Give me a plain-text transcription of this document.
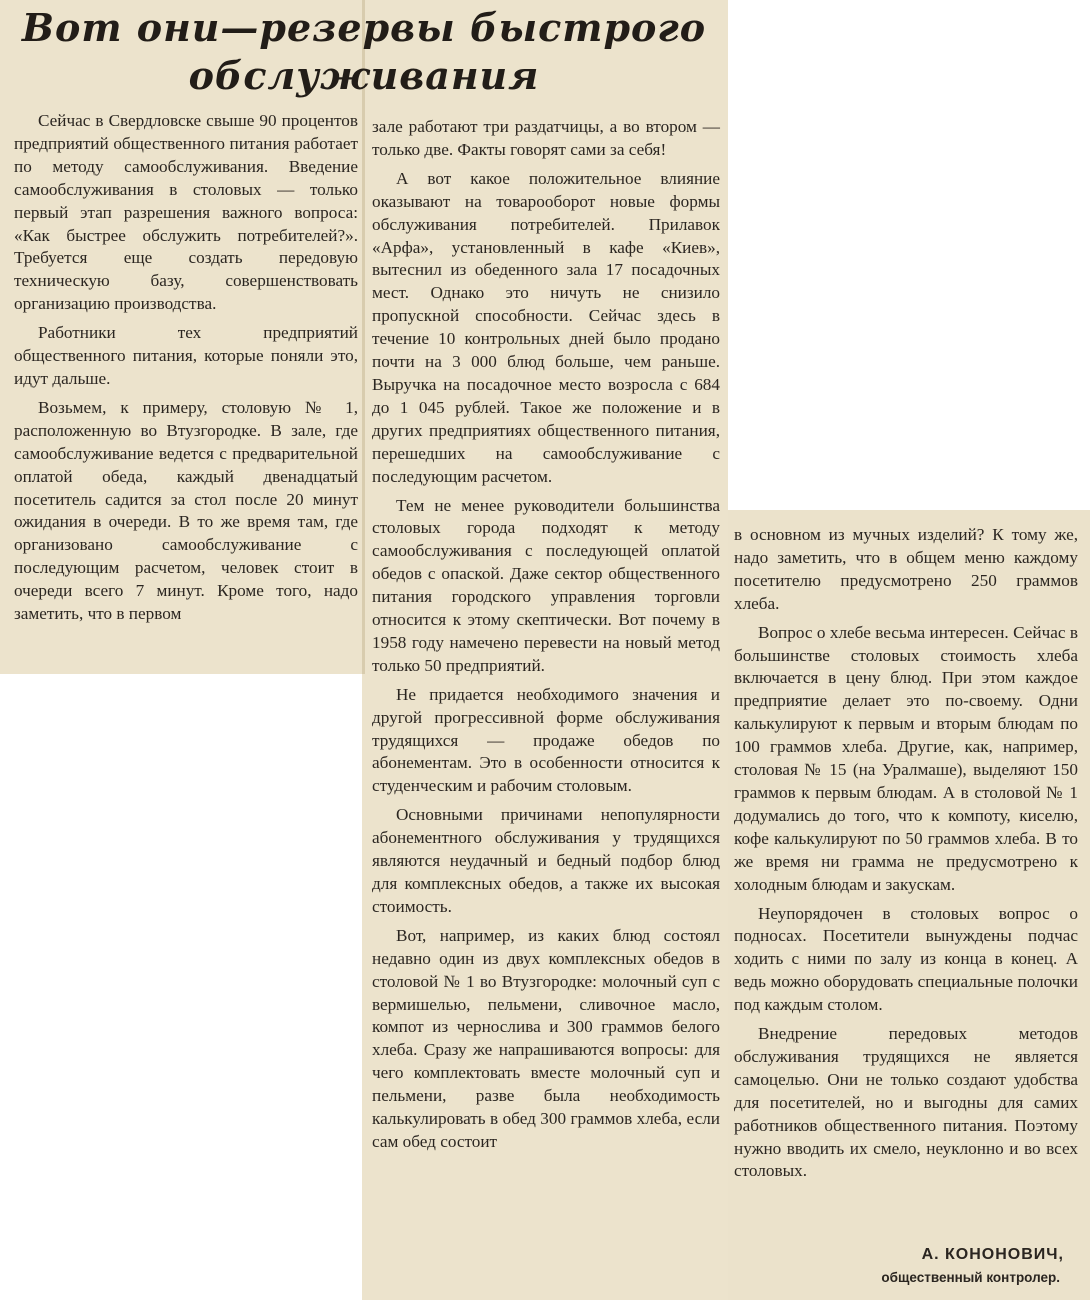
Вот они—резервы быстрого
обслуживания

Сейчас в Свердловске свыше 90 процентов предприятий общественного питания работает по методу самообслуживания. Введение самообслуживания в столовых — только первый этап разрешения важного вопроса: «Как быстрее обслужить потребителей?». Требуется еще создать передовую техническую базу, совершенствовать организацию производства.

Работники тех предприятий общественного питания, которые поняли это, идут дальше.

Возьмем, к примеру, столовую № 1, расположенную во Втузгородке. В зале, где самообслуживание ведется с предварительной оплатой обеда, каждый двенадцатый посетитель садится за стол после 20 минут ожидания в очереди. В то же время там, где организовано самообслуживание с последующим расчетом, человек стоит в очереди всего 7 минут. Кроме того, надо заметить, что в первом

зале работают три раздатчицы, а во втором — только две. Факты говорят сами за себя!

А вот какое положительное влияние оказывают на товарооборот новые формы обслуживания потребителей. Прилавок «Арфа», установленный в кафе «Киев», вытеснил из обеденного зала 17 посадочных мест. Однако это ничуть не снизило пропускной способности. Сейчас здесь в течение 10 контрольных дней было продано почти на 3 000 блюд больше, чем раньше. Выручка на посадочное место возросла с 684 до 1 045 рублей. Такое же положение и в других предприятиях общественного питания, перешедших на самообслуживание с последующим расчетом.

Тем не менее руководители большинства столовых города подходят к методу самообслуживания с последующей оплатой обедов с опаской. Даже сектор общественного питания городского управления торговли относится к этому скептически. Вот почему в 1958 году намечено перевести на новый метод только 50 предприятий.

Не придается необходимого значения и другой прогрессивной форме обслуживания трудящихся — продаже обедов по абонементам. Это в особенности относится к студенческим и рабочим столовым.

Основными причинами непопулярности абонементного обслуживания у трудящихся являются неудачный и бедный подбор блюд для комплексных обедов, а также их высокая стоимость.

Вот, например, из каких блюд состоял недавно один из двух комплексных обедов в столовой № 1 во Втузгородке: молочный суп с вермишелью, пельмени, сливочное масло, компот из чернослива и 300 граммов белого хлеба. Сразу же напрашиваются вопросы: для чего комплектовать вместе молочный суп и пельмени, разве была необходимость калькулировать в обед 300 граммов хлеба, если сам обед состоит

в основном из мучных изделий? К тому же, надо заметить, что в общем меню каждому посетителю предусмотрено 250 граммов хлеба.

Вопрос о хлебе весьма интересен. Сейчас в большинстве столовых стоимость хлеба включается в цену блюд. При этом каждое предприятие делает это по-своему. Одни калькулируют к первым и вторым блюдам по 100 граммов хлеба. Другие, как, например, столовая № 15 (на Уралмаше), выделяют 150 граммов к первым блюдам. А в столовой № 1 додумались до того, что к компоту, киселю, кофе калькулируют по 50 граммов хлеба. В то же время ни грамма не предусмотрено к холодным блюдам и закускам.

Неупорядочен в столовых вопрос о подносах. Посетители вынуждены подчас ходить с ними по залу из конца в конец. А ведь можно оборудовать специальные полочки под каждым столом.

Внедрение передовых методов обслуживания трудящихся не является самоцелью. Они не только создают удобства для посетителей, но и выгодны для самих работников общественного питания. Поэтому нужно вводить их смело, неуклонно и во всех столовых.

А. КОНОНОВИЧ,
общественный контролер.
